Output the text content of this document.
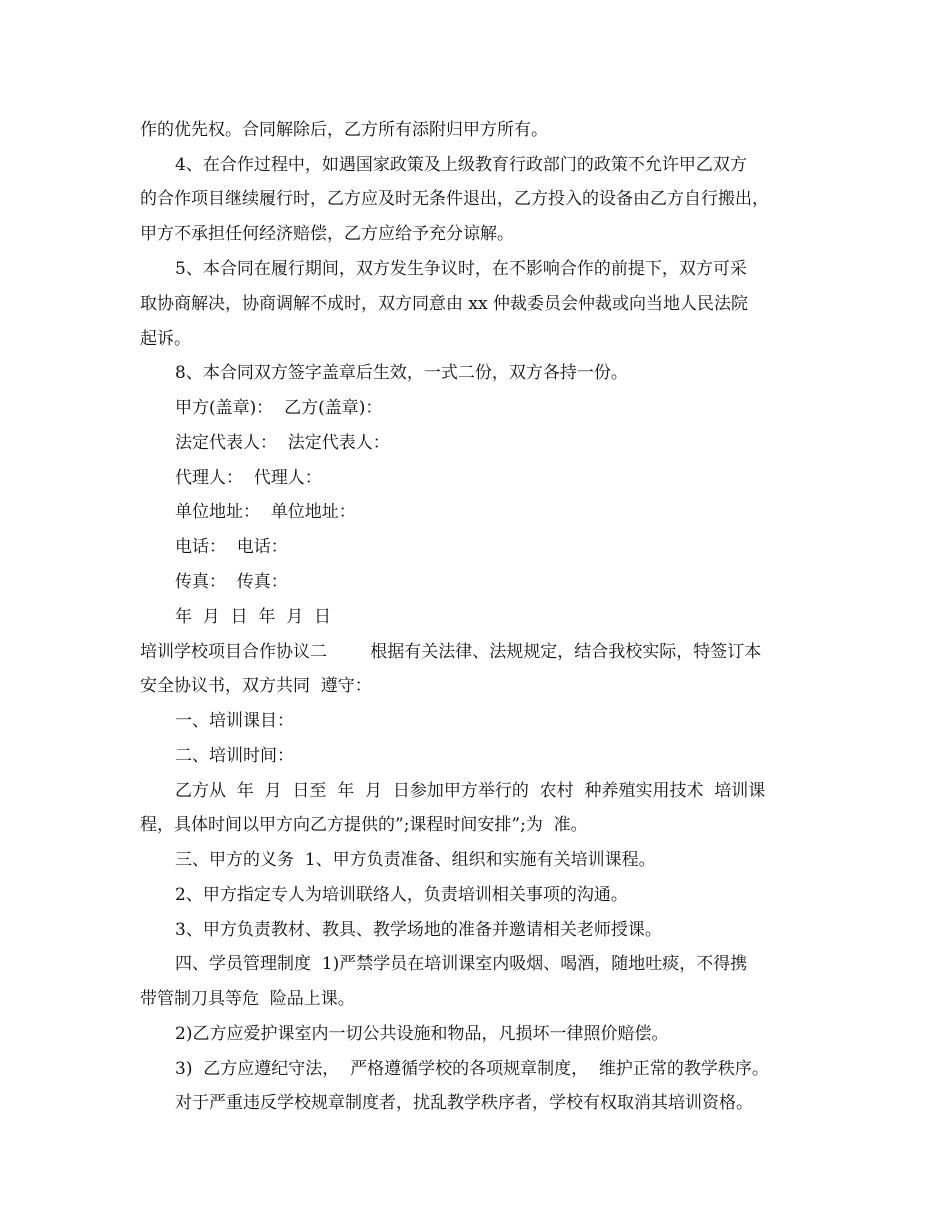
作的优先权。合同解除后，乙方所有添附归甲方所有。
4、在合作过程中，如遇国家政策及上级教育行政部门的政策不允许甲乙双方
的合作项目继续履行时，乙方应及时无条件退出，乙方投入的设备由乙方自行搬出，
甲方不承担任何经济赔偿，乙方应给予充分谅解。
5、本合同在履行期间，双方发生争议时，在不影响合作的前提下，双方可采
取协商解决，协商调解不成时，双方同意由 xx 仲裁委员会仲裁或向当地人民法院
起诉。
8、本合同双方签字盖章后生效，一式二份，双方各持一份。
甲方(盖章)：  乙方(盖章)：
法定代表人：  法定代表人：
代理人：  代理人：
单位地址：  单位地址：
电话：  电话：
传真：  传真：
年  月  日  年  月  日
培训学校项目合作协议二        根据有关法律、法规规定，结合我校实际，特签订本
安全协议书，双方共同  遵守：
一、培训课目：
二、培训时间：
乙方从  年  月  日至  年  月  日参加甲方举行的  农村  种养殖实用技术  培训课
程，具体时间以甲方向乙方提供的”;课程时间安排”;为  准。
三、甲方的义务  1、甲方负责准备、组织和实施有关培训课程。
2、甲方指定专人为培训联络人，负责培训相关事项的沟通。
3、甲方负责教材、教具、教学场地的准备并邀请相关老师授课。
四、学员管理制度  1)严禁学员在培训课室内吸烟、喝酒，随地吐痰，不得携
带管制刀具等危  险品上课。
2)乙方应爱护课室内一切公共设施和物品，凡损坏一律照价赔偿。
3)  乙方应遵纪守法，  严格遵循学校的各项规章制度，  维护正常的教学秩序。
对于严重违反学校规章制度者，扰乱教学秩序者，学校有权取消其培训资格。
